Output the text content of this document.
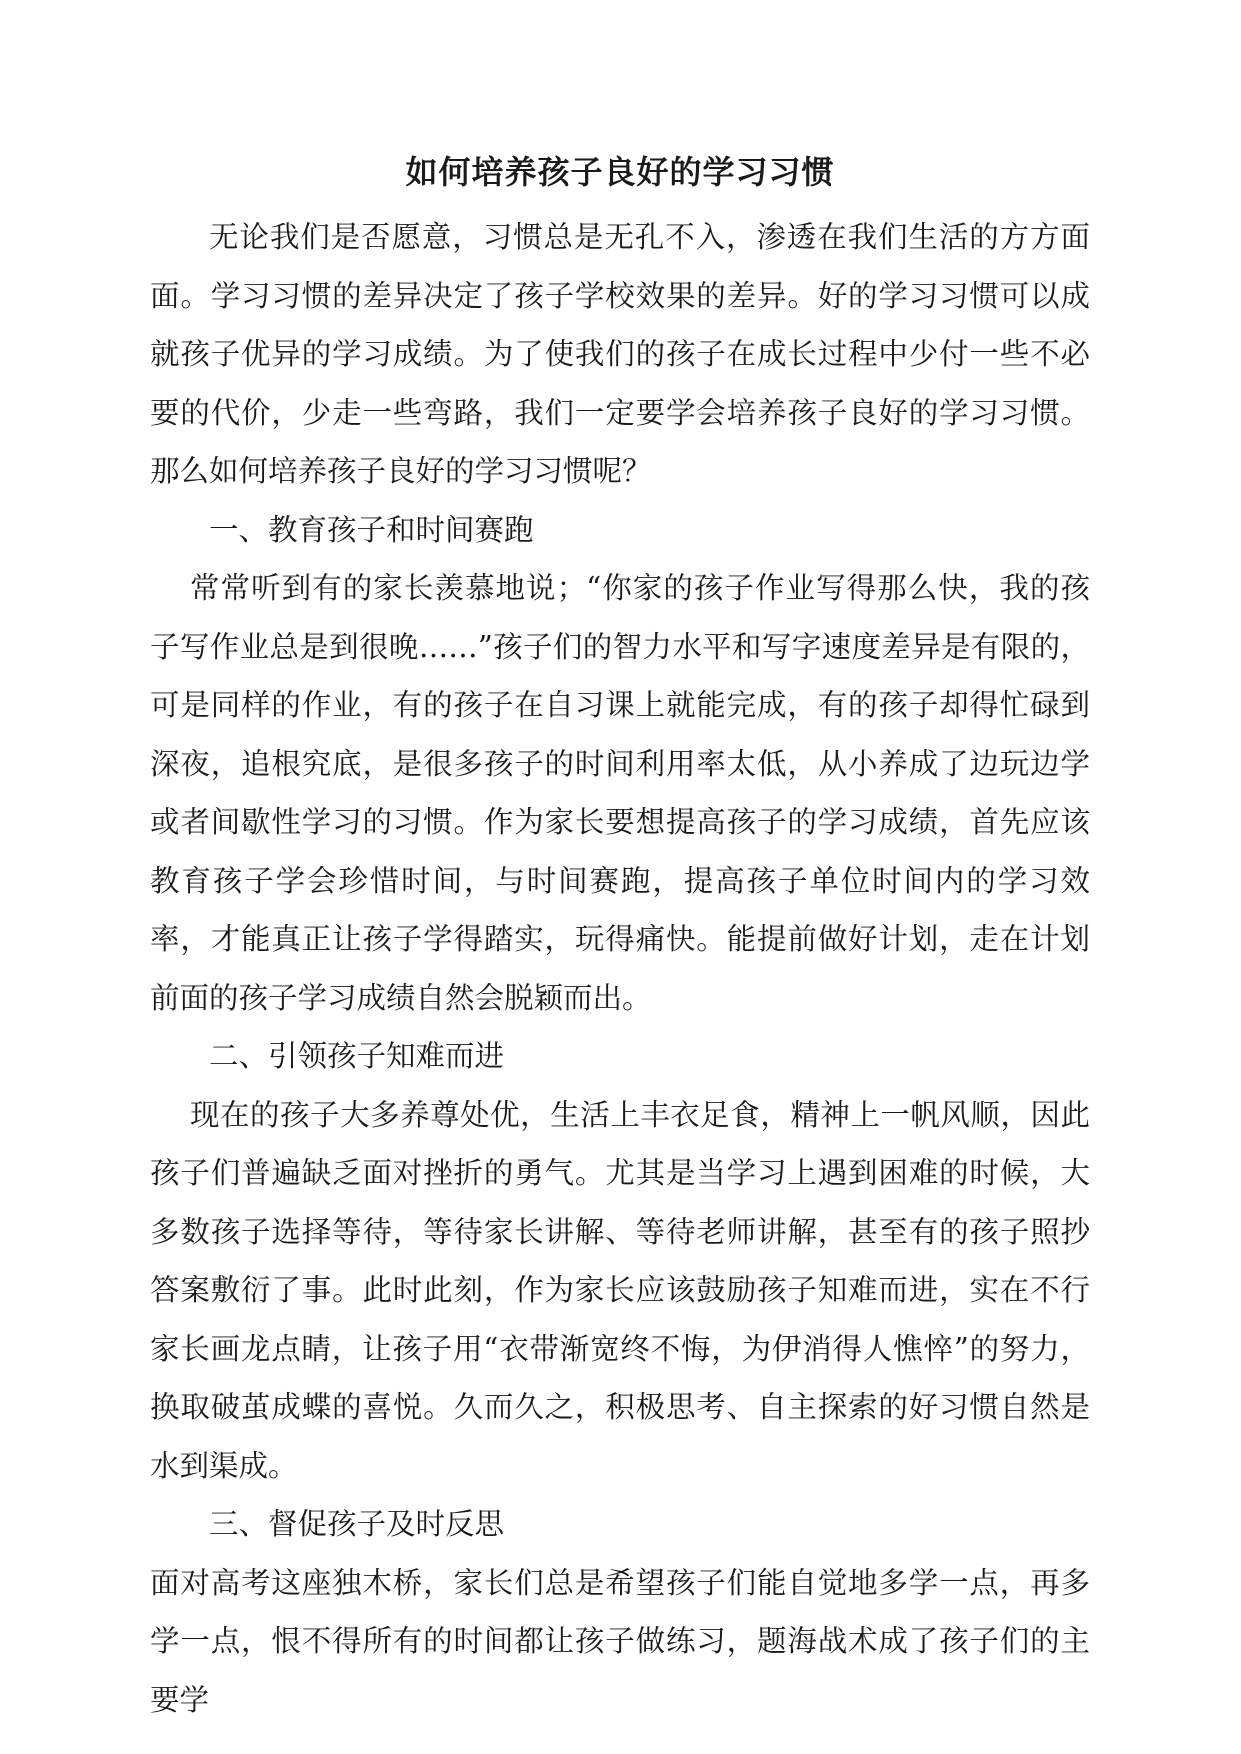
如何培养孩子良好的学习习惯

无论我们是否愿意，习惯总是无孔不入，渗透在我们生活的方方面面。学习习惯的差异决定了孩子学校效果的差异。好的学习习惯可以成就孩子优异的学习成绩。为了使我们的孩子在成长过程中少付一些不必要的代价，少走一些弯路，我们一定要学会培养孩子良好的学习习惯。那么如何培养孩子良好的学习习惯呢？

一、教育孩子和时间赛跑

常常听到有的家长羡慕地说；“你家的孩子作业写得那么快，我的孩子写作业总是到很晚……”孩子们的智力水平和写字速度差异是有限的，可是同样的作业，有的孩子在自习课上就能完成，有的孩子却得忙碌到深夜，追根究底，是很多孩子的时间利用率太低，从小养成了边玩边学或者间歇性学习的习惯。作为家长要想提高孩子的学习成绩，首先应该教育孩子学会珍惜时间，与时间赛跑，提高孩子单位时间内的学习效率，才能真正让孩子学得踏实，玩得痛快。能提前做好计划，走在计划前面的孩子学习成绩自然会脱颖而出。

二、引领孩子知难而进

现在的孩子大多养尊处优，生活上丰衣足食，精神上一帆风顺，因此孩子们普遍缺乏面对挫折的勇气。尤其是当学习上遇到困难的时候，大多数孩子选择等待，等待家长讲解、等待老师讲解，甚至有的孩子照抄答案敷衍了事。此时此刻，作为家长应该鼓励孩子知难而进，实在不行家长画龙点睛，让孩子用“衣带渐宽终不悔，为伊消得人憔悴”的努力，换取破茧成蝶的喜悦。久而久之，积极思考、自主探索的好习惯自然是水到渠成。

三、督促孩子及时反思

面对高考这座独木桥，家长们总是希望孩子们能自觉地多学一点，再多学一点，恨不得所有的时间都让孩子做练习，题海战术成了孩子们的主要学
